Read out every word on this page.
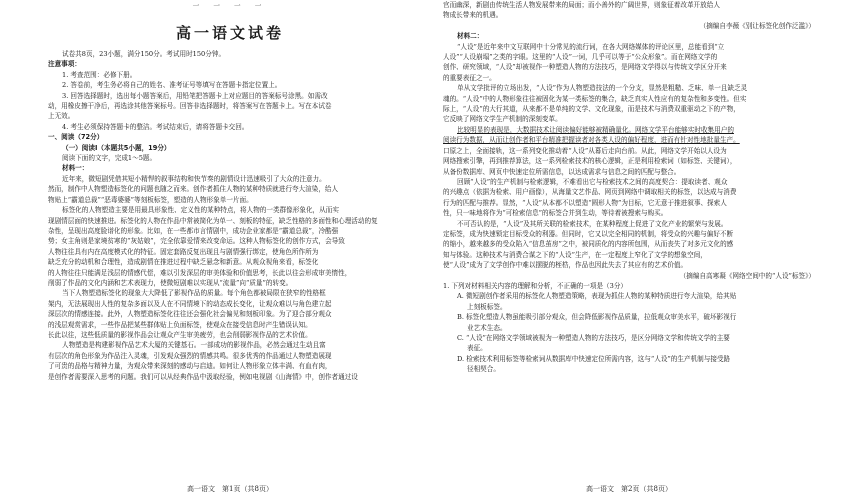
一 一 一 一
高一语文试卷
试卷共8页，23小题，满分150分。考试用时150分钟。
注意事项：
1. 考查范围：必修下册。
2. 答卷前，考生务必将自己的姓名、准考证号等填写在答题卡指定位置上。
3. 回答选择题时，选出每小题答案后，用铅笔把答题卡上对应题目的答案标号涂黑。如需改
动，用橡皮擦干净后，再选涂其他答案标号。回答非选择题时，将答案写在答题卡上。写在本试卷
上无效。
4. 考生必须保持答题卡的整洁。考试结束后，请将答题卡交回。
一、阅读（72分）
（一）阅读Ⅰ（本题共5小题，19分）
阅读下面的文字，完成1～5题。
材料一：
近年来，微短剧凭借其短小精悍的叙事结构和快节奏的剧情设计迅速吸引了大众的注意力。
然而，制作中人物塑造标签化的问题也随之而来。创作者抓住人物的某种特质就进行夸大渲染，给人
物贴上“霸道总裁”“恶毒婆婆”等刻板标签，塑造的人物形象单一片面。
标签化的人物塑造主要是用最具形象性、定义性的某种特点，将人物的一类群像形象化，从而实
现剧情层面的快速推进。标签化的人物在作品中常被简化为单一、刻板的特征，缺乏性格的多面性和心理活动的复
杂性，呈现出高度脸谱化的形象。比如，在一些都市言情剧中，成功企业家都是“霸道总裁”，冷酷强
势；女主角则是家境贫寒的“灰姑娘”，完全依靠爱情来改变命运。这种人物标签化的创作方式，会导致
人物往往具有内在高度模式化的特征。固定套路反复出现且与剧情强行绑定，使角色所作所为
缺乏充分的动机和合理性，造成剧情在推进过程中缺乏悬念和新意。从观众视角来看，标签化
的人物往往只能满足浅层的情感代偿，难以引发深层的审美体验和价值思考，长此以往会形成审美惰性，
削弱了作品的文化内涵和艺术表现力，使微短剧难以实现从“流量”向“质量”的转变。
当下人物塑造标签化的现象大大降低了影视作品的质量。每个角色都被局限在狭窄的性格框
架内，无法展现出人性的复杂多面以及人在不同情境下的动态成长变化，让观众难以与角色建立起
深层次的情感连接。此外，人物塑造标签化往往还会强化社会偏见和刻板印象。为了迎合部分观众
的浅层观赏需求，一些作品把某些群体贴上负面标签，使观众在接受信息时产生错误认知。
长此以往，这些低质量的影视作品会让观众产生审美疲劳，也会削弱影视作品的艺术价值。
人物塑造是构建影视作品艺术大厦的关键基石。一部成功的影视作品，必然会通过生动且富
有层次的角色形象为作品注入灵魂，引发观众强烈的情感共鸣。很多优秀的作品通过人物塑造展现
了可贵的品格与精神力量，为观众带来深刻的感动与启迪。如何让人物形象立体丰满、有血有肉，
是创作者需要深入思考的问题。我们可以从经典作品中汲取经验，例如电视剧《山海情》中，创作者通过设
高一语文　第1页（共8页）
官而幽深，新剧由传统生活人物发展带来的局面；而小善外的广阔世界，则象征着改革开放给人
物成长带来的机遇。
（摘编自李薇《别让标签化创作泛滥》）
材料二：
“人设”是近年来中文互联网中十分常见的流行词，在各大网络媒体的评论区里，总能看到“立
人设”“人设崩塌”之类的字眼。这里的“人设”一词，几乎可以等于“公众形象”。而在网络文学的
创作、研究领域，“人设”却被视作一种塑造人物的方法技巧，是网络文学得以与传统文学区分开来
的重要表征之一。
单从文学批评的立场出发，“人设”作为人物塑造技法的一个分支，显然是粗糙、乏味、单一且缺乏灵
魂的。“人设”中的人物形象往往被固化为某一类标签的集合，缺乏真实人性应有的复杂性和多变性。但实
际上，“人设”的大行其道，从来都不是单纯的文学、文化现象，而是技术与消费双重驱动之下的产物，
它反映了网络文学生产机制的深刻变革。
比较明显的表现是，大数据技术让阅读偏好能够被精确量化。网络文学平台能够实时收集用户的
阅读行为数据，从而让创作者和平台精准把握读者对各类人设的偏好程度，进而有针对性地批量生产。
口原之上，全面接轨，这一系列变化推动着“人设”从幕后走向台前。从此，网络文学开始以人设为
网络搜索引擎，再到推荐算法，这一系列检索技术的核心逻辑，正是利用检索词（如标签、关键词），
从备份数据库、网页中快速定位所需信息，以达成需求与信息之间的匹配与整合。
回顾“人设”的生产机制与检索逻辑，不难看出它与检索技术之间的高度契合：提取读者、观众
的兴趣点（依据为检索、用户画像），从海量文艺作品、网页到网络中调取相关的标签，以达成与消费
行为的匹配与推荐。显然，“人设”从本都不以塑造“圆形人物”为目标，它无意于推进叙事、探索人
性，只一味地将作为“可检索信息”的标签合并到生动，等待着被搜索与购买。
不可否认的是，“人设”及其所关联的检索技术，在某种程度上促进了文化产业的繁荣与发展。
定标签，成为快速锁定目标受众的利器。但同时，它又以完全相同的机制，将受众的兴趣与偏好不断
的缩小，越来越多的受众陷入“信息茧房”之中，被同质化的内容所包围，从而丧失了对多元文化的感
知与体验。这种技术与消费合谋之下的“人设”生产，在一定程度上窄化了文学的想象空间，
使“人设”成为了文学创作中难以摆脱的桎梏，作品也因此失去了其应有的艺术价值。
（摘编自高寒凝《网络空间中的“人设”标签》）
1. 下列对材料相关内容的理解和分析，不正确的一项是（3分）
A. 微短剧创作者采用的标签化人物塑造策略，表现为抓住人物的某种特质进行夸大渲染，给其贴
上刻板标签。
B. 标签化塑造人物虽能吸引部分观众，但会降低影视作品质量，拉低观众审美水平，破坏影视行
业艺术生态。
C. “人设”在网络文学领域被视为一种塑造人物的方法技巧，是区分网络文学和传统文学的主要
表征。
D. 检索技术利用标签等检索词从数据库中快速定位所需内容，这与“人设”的生产机制与接受路
径相契合。
高一语文　第2页（共8页）
